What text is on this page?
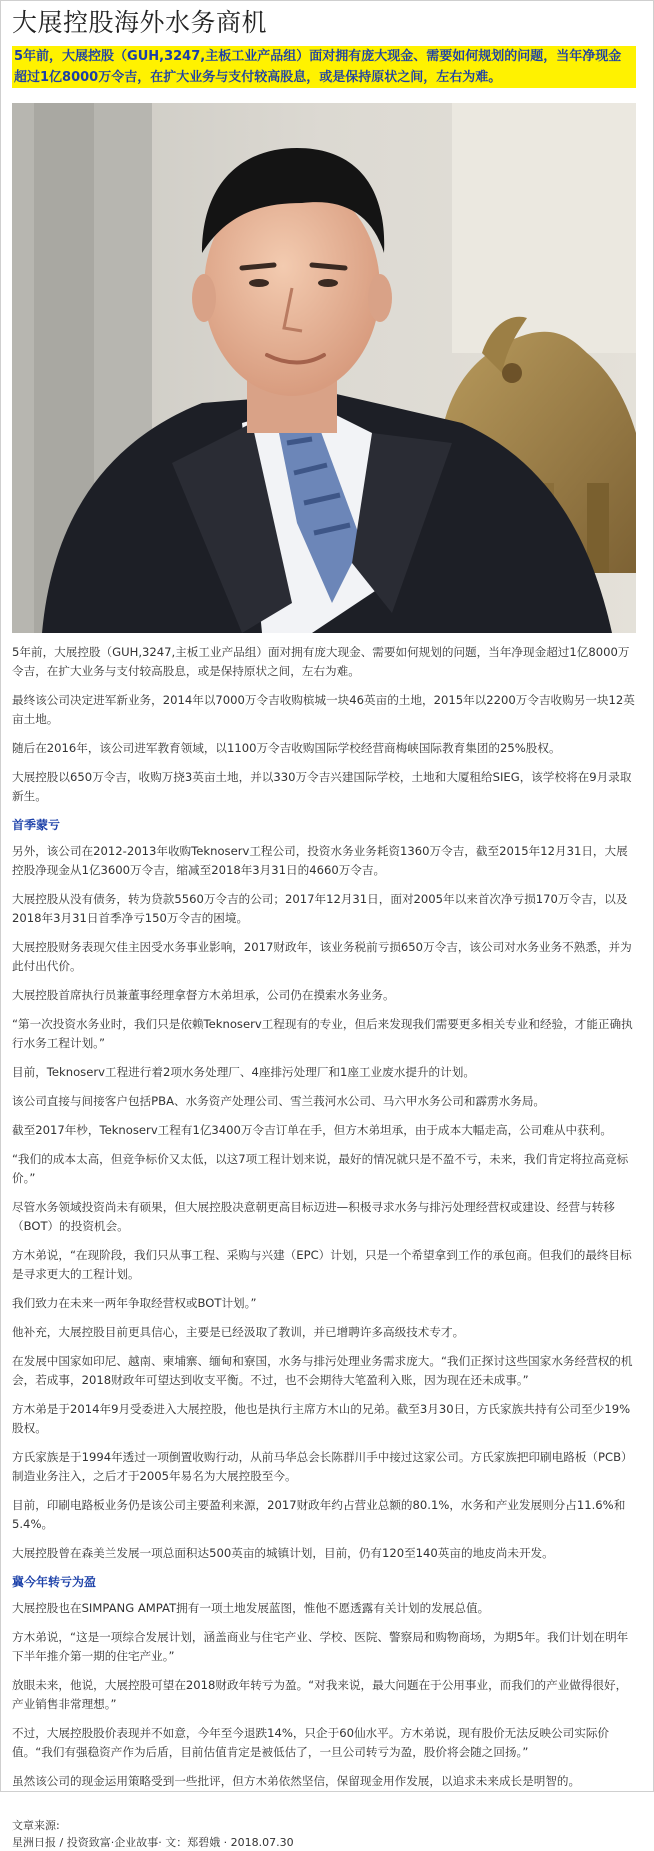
大展控股海外水务商机
5年前，大展控股（GUH,3247,主板工业产品组）面对拥有庞大现金、需要如何规划的问题，当年净现金超过1亿8000万令吉，在扩大业务与支付较高股息，或是保持原状之间，左右为难。

5年前，大展控股（GUH,3247,主板工业产品组）面对拥有庞大现金、需要如何规划的问题，当年净现金超过1亿8000万令吉，在扩大业务与支付较高股息，或是保持原状之间，左右为难。

最终该公司决定进军新业务，2014年以7000万令吉收购槟城一块46英亩的土地，2015年以2200万令吉收购另一块12英亩土地。

随后在2016年，该公司进军教育领域，以1100万令吉收购国际学校经营商梅峡国际教育集团的25%股权。

大展控股以650万令吉，收购万挠3英亩土地，并以330万令吉兴建国际学校，土地和大厦租给SIEG，该学校将在9月录取新生。

首季蒙亏

另外，该公司在2012-2013年收购Teknoserv工程公司，投资水务业务耗资1360万令吉，截至2015年12月31日，大展控股净现金从1亿3600万令吉，缩减至2018年3月31日的4660万令吉。

大展控股从没有债务，转为贷款5560万令吉的公司；2017年12月31日，面对2005年以来首次净亏损170万令吉，以及2018年3月31日首季净亏150万令吉的困境。

大展控股财务表现欠佳主因受水务事业影响，2017财政年，该业务税前亏损650万令吉，该公司对水务业务不熟悉，并为此付出代价。

大展控股首席执行员兼董事经理拿督方木弟坦承，公司仍在摸索水务业务。

“第一次投资水务业时，我们只是依赖Teknoserv工程现有的专业，但后来发现我们需要更多相关专业和经验，才能正确执行水务工程计划。”

目前，Teknoserv工程进行着2项水务处理厂、4座排污处理厂和1座工业废水提升的计划。

该公司直接与间接客户包括PBA、水务资产处理公司、雪兰莪河水公司、马六甲水务公司和霹雳水务局。

截至2017年杪，Teknoserv工程有1亿3400万令吉订单在手，但方木弟坦承，由于成本大幅走高，公司难从中获利。

“我们的成本太高，但竞争标价又太低，以这7项工程计划来说，最好的情况就只是不盈不亏，未来，我们肯定将拉高竞标价。”

尽管水务领域投资尚未有硕果，但大展控股决意朝更高目标迈进—积极寻求水务与排污处理经营权或建设、经营与转移（BOT）的投资机会。

方木弟说，“在现阶段，我们只从事工程、采购与兴建（EPC）计划，只是一个希望拿到工作的承包商。但我们的最终目标是寻求更大的工程计划。

我们致力在未来一两年争取经营权或BOT计划。”

他补充，大展控股目前更具信心，主要是已经汲取了教训，并已增聘许多高级技术专才。

在发展中国家如印尼、越南、柬埔寨、缅甸和寮国，水务与排污处理业务需求庞大。“我们正探讨这些国家水务经营权的机会，若成事，2018财政年可望达到收支平衡。不过，也不会期待大笔盈利入账，因为现在还未成事。”

方木弟是于2014年9月受委进入大展控股，他也是执行主席方木山的兄弟。截至3月30日，方氏家族共持有公司至少19%股权。

方氏家族是于1994年透过一项倒置收购行动，从前马华总会长陈群川手中接过这家公司。方氏家族把印刷电路板（PCB）制造业务注入，之后才于2005年易名为大展控股至今。

目前，印刷电路板业务仍是该公司主要盈利来源，2017财政年约占营业总额的80.1%，水务和产业发展则分占11.6%和5.4%。

大展控股曾在森美兰发展一项总面积达500英亩的城镇计划，目前，仍有120至140英亩的地皮尚未开发。

冀今年转亏为盈

大展控股也在SIMPANG AMPAT拥有一项土地发展蓝图，惟他不愿透露有关计划的发展总值。

方木弟说，“这是一项综合发展计划，涵盖商业与住宅产业、学校、医院、警察局和购物商场，为期5年。我们计划在明年下半年推介第一期的住宅产业。”

放眼未来，他说，大展控股可望在2018财政年转亏为盈。“对我来说，最大问题在于公用事业，而我们的产业做得很好，产业销售非常理想。”

不过，大展控股股价表现并不如意，今年至今退跌14%，只企于60仙水平。方木弟说，现有股价无法反映公司实际价值。“我们有强稳资产作为后盾，目前估值肯定是被低估了，一旦公司转亏为盈，股价将会随之回扬。”

虽然该公司的现金运用策略受到一些批评，但方木弟依然坚信，保留现金用作发展，以追求未来成长是明智的。

文章来源:
星洲日报 / 投资致富·企业故事· 文：郑碧娥 · 2018.07.30
